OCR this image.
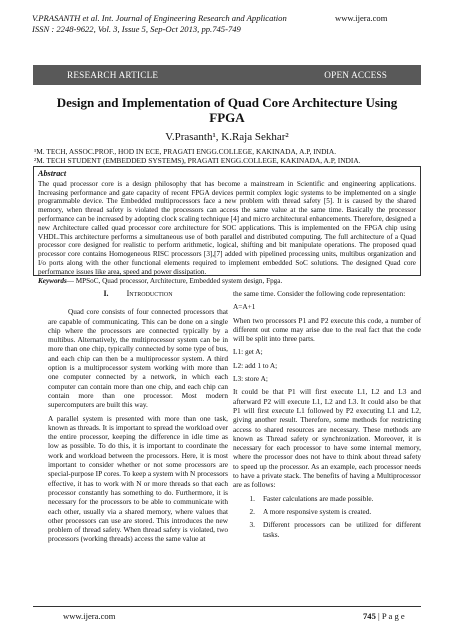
V.PRASANTH et al. Int. Journal of Engineering Research and Application
ISSN : 2248-9622, Vol. 3, Issue 5, Sep-Oct 2013, pp.745-749
www.ijera.com
RESEARCH ARTICLE	OPEN ACCESS
Design and Implementation of Quad Core Architecture Using
FPGA
V.Prasanth¹, K.Raja Sekhar²
¹M. TECH, ASSOC.PROF., HOD IN ECE, PRAGATI ENGG.COLLEGE, KAKINADA, A.P, INDIA.
²M. TECH STUDENT (EMBEDDED SYSTEMS), PRAGATI ENGG.COLLEGE, KAKINADA, A.P, INDIA.
Abstract
The quad processor core is a design philosophy that has become a mainstream in Scientific and engineering applications. Increasing performance and gate capacity of recent FPGA devices permit complex logic systems to be implemented on a single programmable device. The Embedded multiprocessors face a new problem with thread safety [5]. It is caused by the shared memory, when thread safety is violated the processors can access the same value at the same time. Basically the processor performance can be increased by adopting clock scaling technique [4] and micro architectural enhancements. Therefore, designed a new Architecture called quad processor core architecture for SOC applications. This is implemented on the FPGA chip using VHDL.This architecture performs a simultaneous use of both parallel and distributed computing. The full architecture of a Quad processor core designed for realistic to perform arithmetic, logical, shifting and bit manipulate operations. The proposed quad processor core contains Homogeneous RISC processors [3],[7] added with pipelined processing units, multibus organization and I/o ports along with the other functional elements required to implement embedded SoC solutions. The designed Quad core performance issues like area, speed and power dissipation.
Keywords— MPSoC, Quad processor, Architecture, Embedded system design, Fpga.
I. Introduction

Quad core consists of four connected processors that are capable of communicating. This can be done on a single chip where the processors are connected typically by a multibus. Alternatively, the multiprocessor system can be in more than one chip, typically connected by some type of bus, and each chip can then be a multiprocessor system. A third option is a multiprocessor system working with more than one computer connected by a network, in which each computer can contain more than one chip, and each chip can contain more than one processor. Most modern supercomputers are built this way.

A parallel system is presented with more than one task, known as threads. It is important to spread the workload over the entire processor, keeping the difference in idle time as low as possible. To do this, it is important to coordinate the work and workload between the processors. Here, it is most important to consider whether or not some processors are special-purpose IP cores. To keep a system with N processors effective, it has to work with N or more threads so that each processor constantly has something to do. Furthermore, it is necessary for the processors to be able to communicate with each other, usually via a shared memory, where values that other processors can use are stored. This introduces the new problem of thread safety. When thread safety is violated, two processors (working threads) access the same value at

the same time. Consider the following code representation:

A=A+1

When two processors P1 and P2 execute this code, a number of different out come may arise due to the real fact that the code will be split into three parts.

L1: get A;

L2: add 1 to A;

L3: store A;

It could be that P1 will first execute L1, L2 and L3 and afterward P2 will execute L1, L2 and L3. It could also be that P1 will first execute L1 followed by P2 executing L1 and L2, giving another result. Therefore, some methods for restricting access to shared resources are necessary. These methods are known as Thread safety or synchronization. Moreover, it is necessary for each processor to have some internal memory, where the processor does not have to think about thread safety to speed up the processor. As an example, each processor needs to have a private stack. The benefits of having a Multiprocessor are as follows:

1.	Faster calculations are made possible.
2.	A more responsive system is created.
3.	Different processors can be utilized for different tasks.
www.ijera.com	745 | P a g e
